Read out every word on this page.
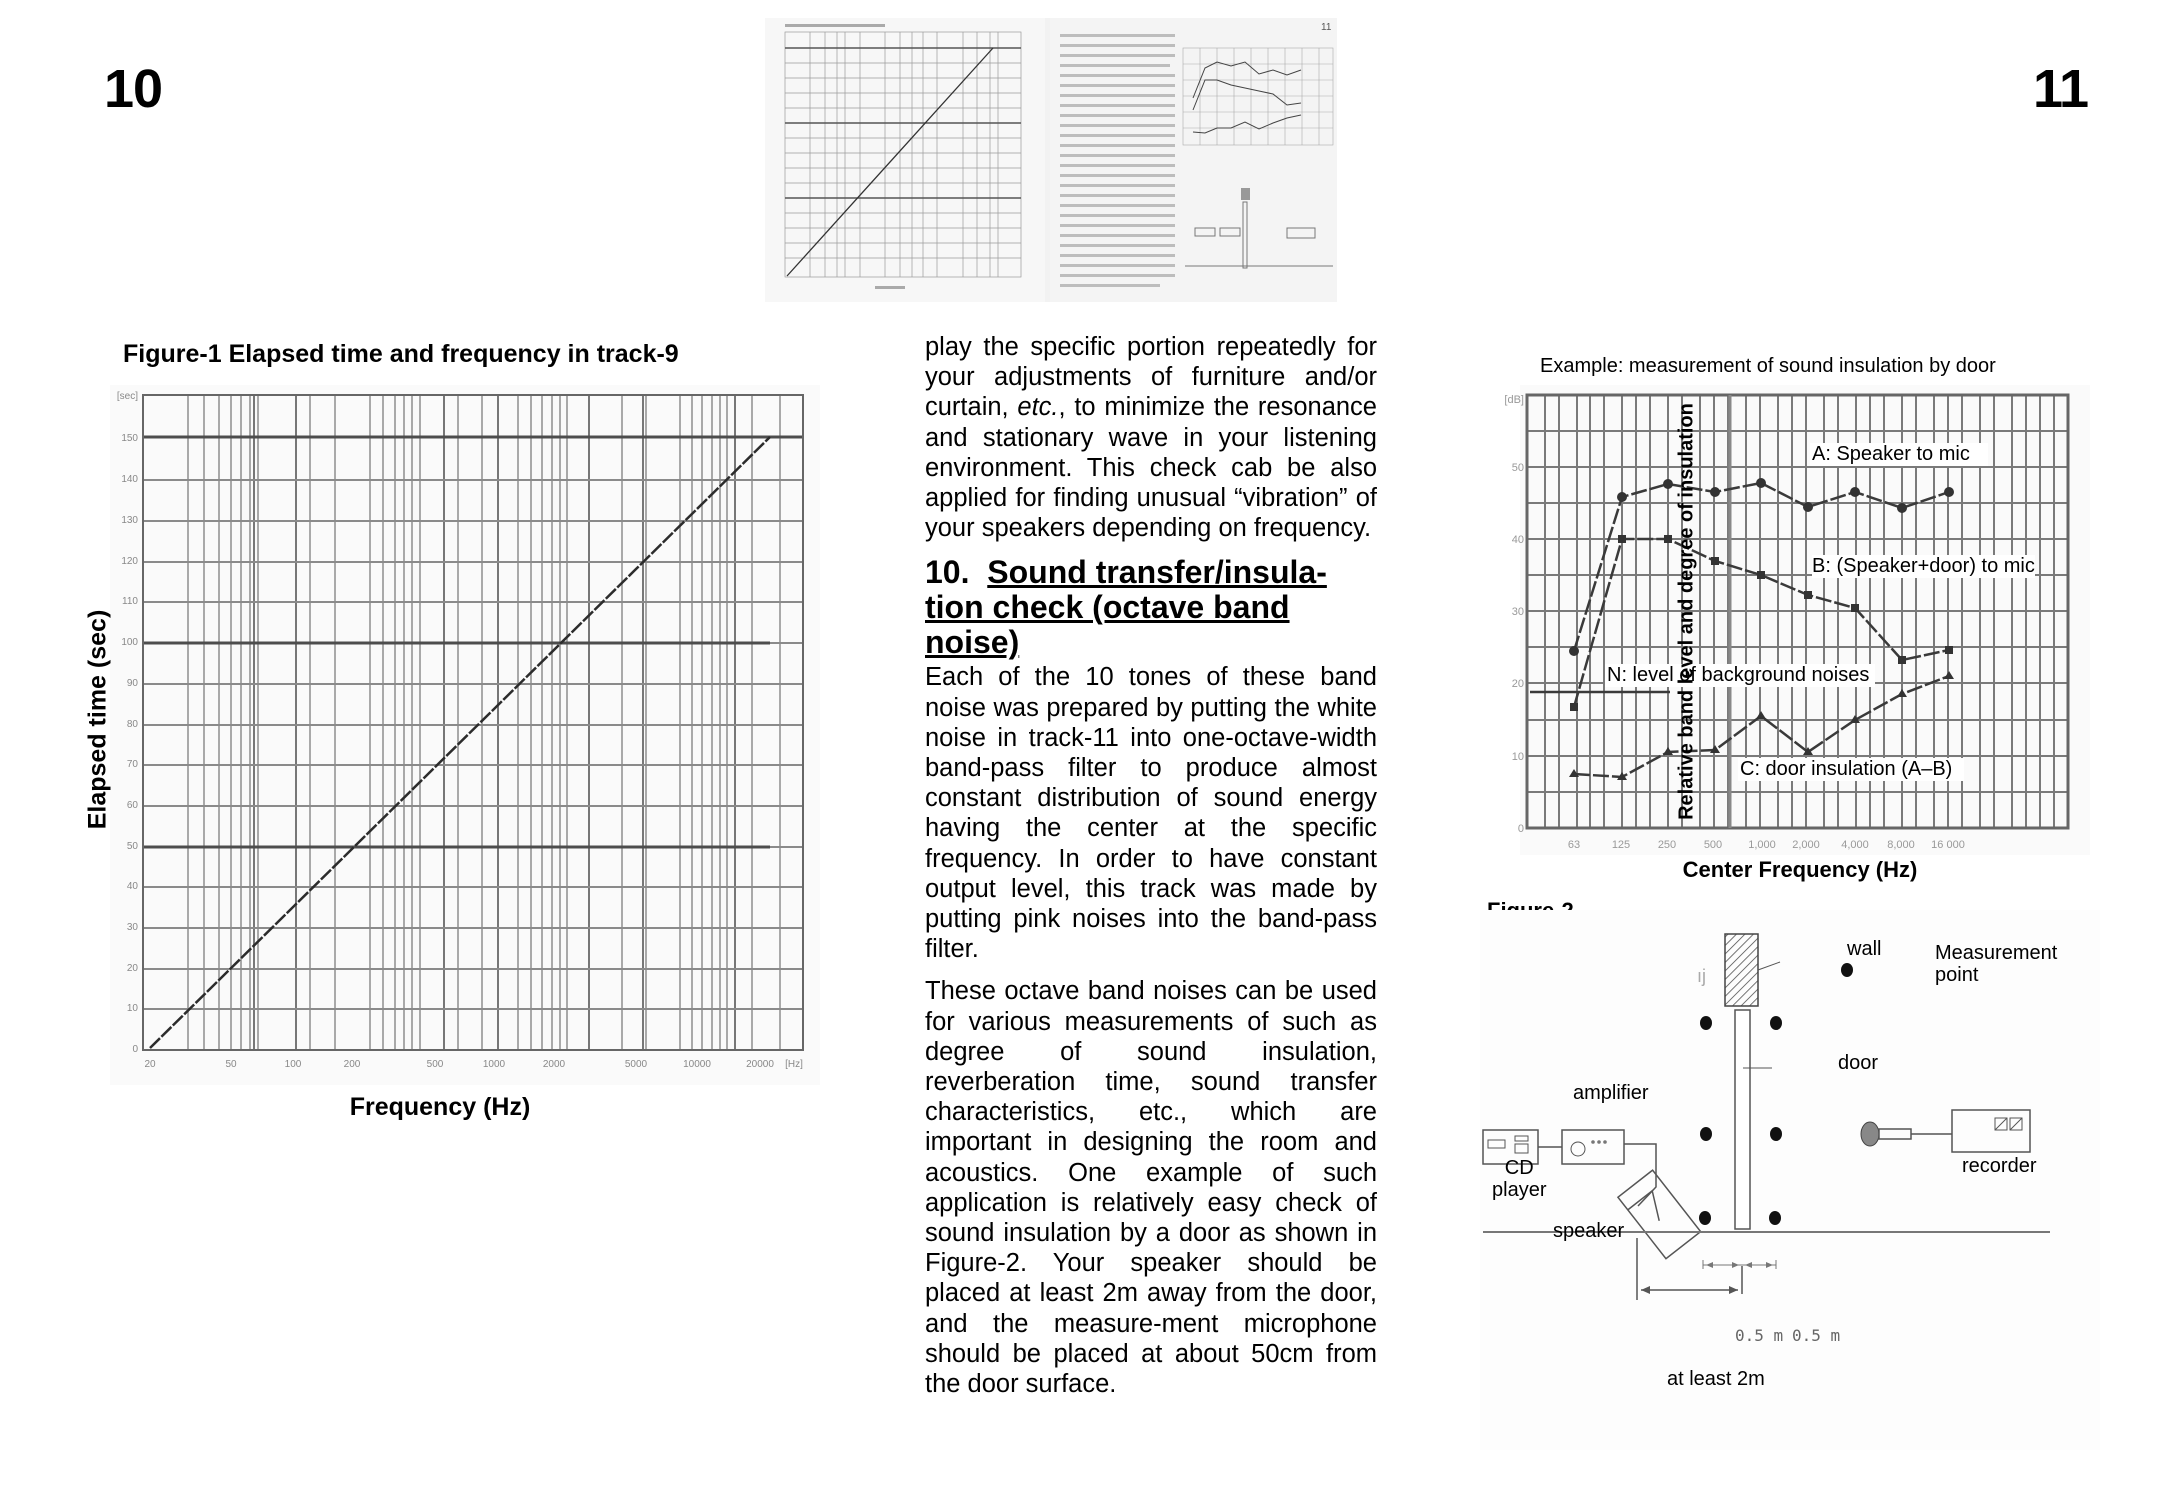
10	11
11
Figure-1 Elapsed time and frequency in track-9
[sec]
150
140
130
120
110
100
90
80
70
60
50
40
30
20
10
0
20	50	100	200	500	1000	2000	5000	10000	20000 [Hz]
Elapsed time (sec)
Frequency (Hz)

play the specific portion repeatedly for your adjustments of furniture and/or curtain, etc., to minimize the resonance and stationary wave in your listening environment. This check cab be also applied for finding unusual “vibration” of your speakers depending on frequency.

10. Sound transfer/insula-
tion check (octave band
noise)

Each of the 10 tones of these band noise was prepared by putting the white noise in track-11 into one-octave-width band-pass filter to produce almost constant distribution of sound energy having the center at the specific frequency. In order to have constant output level, this track was made by putting pink noises into the band-pass filter.

These octave band noises can be used for various measurements of such as degree of sound insulation, reverberation time, sound transfer characteristics, etc., which are important in designing the room and acoustics. One example of such application is relatively easy check of sound insulation by a door as shown in Figure-2. Your speaker should be placed at least 2m away from the door, and the measure-ment microphone should be placed at about 50cm from the door surface.

Example: measurement of sound insulation by door
[dB]
50
40
30
20
10
0
63	125	250	500 1,000 2,000 4,000 8,000 16 000
A: Speaker to mic
B: (Speaker+door) to mic
N: level of background noises
C: door insulation (A–B)
Relative band level and degree of insulation
Center Frequency (Hz)
ıj
wall	Measurement
point
door
amplifier
CD
player
recorder
speaker
0.5 m 0.5 m
at least 2m
